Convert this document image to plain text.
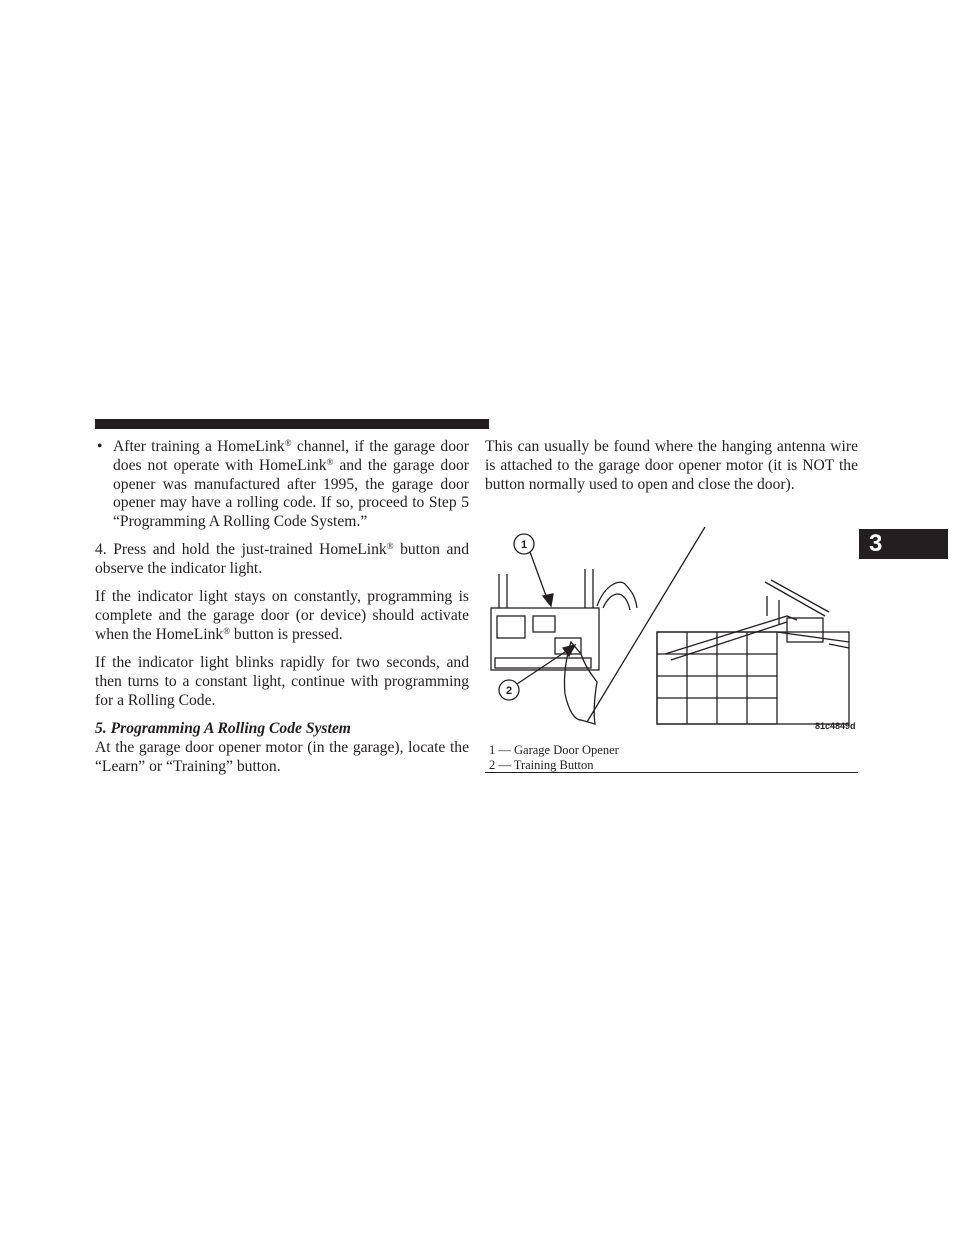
• After training a HomeLink® channel, if the garage door does not operate with HomeLink® and the garage door opener was manufactured after 1995, the garage door opener may have a rolling code. If so, proceed to Step 5 “Programming A Rolling Code System.”

4. Press and hold the just-trained HomeLink® button and observe the indicator light.

If the indicator light stays on constantly, programming is complete and the garage door (or device) should activate when the HomeLink® button is pressed.

If the indicator light blinks rapidly for two seconds, and then turns to a constant light, continue with programming for a Rolling Code.

5. Programming A Rolling Code System

At the garage door opener motor (in the garage), locate the “Learn” or “Training” button.

This can usually be found where the hanging antenna wire is attached to the garage door opener motor (it is NOT the button normally used to open and close the door).

3
1
2
81c4849d
1 — Garage Door Opener
2 — Training Button
